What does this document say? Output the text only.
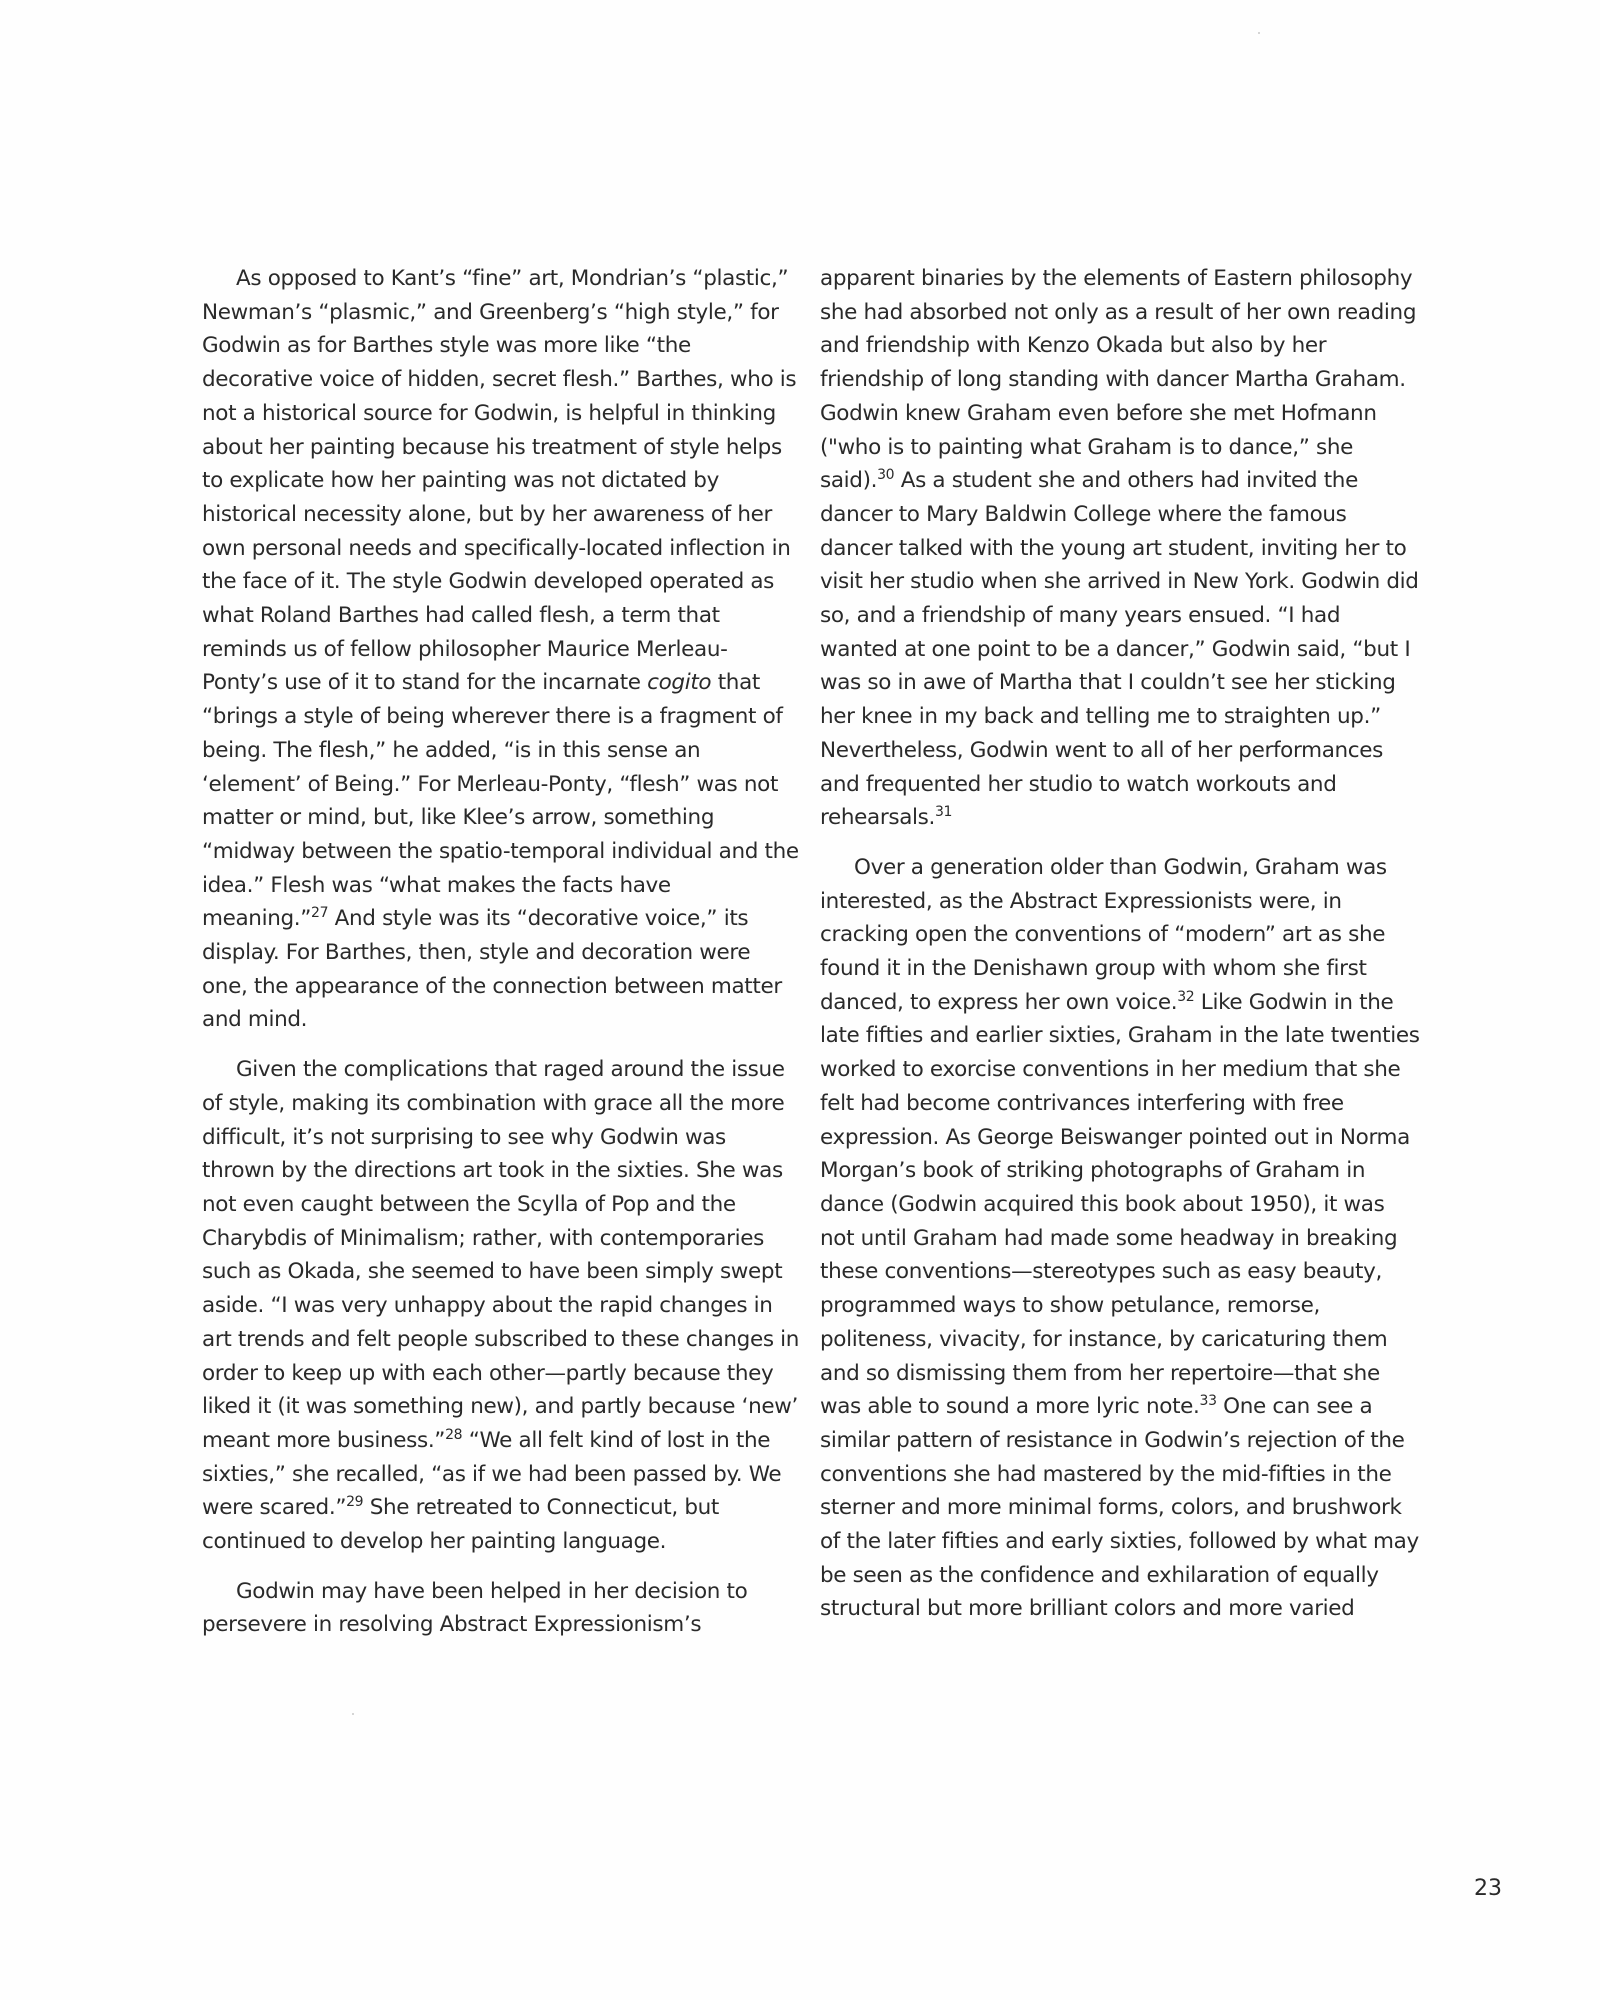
As opposed to Kant’s “fine” art, Mondrian’s “plastic,” Newman’s “plasmic,” and Greenberg’s “high style,” for Godwin as for Barthes style was more like “the decorative voice of hidden, secret flesh.” Barthes, who is not a historical source for Godwin, is helpful in thinking about her painting because his treatment of style helps to explicate how her painting was not dictated by historical necessity alone, but by her awareness of her own personal needs and specifically-located inflection in the face of it. The style Godwin developed operated as what Roland Barthes had called flesh, a term that reminds us of fellow philosopher Maurice Merleau-Ponty’s use of it to stand for the incarnate cogito that “brings a style of being wherever there is a fragment of being. The flesh,” he added, “is in this sense an ‘element’ of Being.” For Merleau-Ponty, “flesh” was not matter or mind, but, like Klee’s arrow, something “midway between the spatio-temporal individual and the idea.” Flesh was “what makes the facts have meaning.”$^{27}$ And style was its “decorative voice,” its display. For Barthes, then, style and decoration were one, the appearance of the connection between matter and mind.

Given the complications that raged around the issue of style, making its combination with grace all the more difficult, it’s not surprising to see why Godwin was thrown by the directions art took in the sixties. She was not even caught between the Scylla of Pop and the Charybdis of Minimalism; rather, with contemporaries such as Okada, she seemed to have been simply swept aside. “I was very unhappy about the rapid changes in art trends and felt people subscribed to these changes in order to keep up with each other—partly because they liked it (it was something new), and partly because ‘new’ meant more business.”$^{28}$ “We all felt kind of lost in the sixties,” she recalled, “as if we had been passed by. We were scared.”$^{29}$ She retreated to Connecticut, but continued to develop her painting language.

Godwin may have been helped in her decision to persevere in resolving Abstract Expressionism’s

apparent binaries by the elements of Eastern philosophy she had absorbed not only as a result of her own reading and friendship with Kenzo Okada but also by her friendship of long standing with dancer Martha Graham. Godwin knew Graham even before she met Hofmann ("who is to painting what Graham is to dance,” she said).$^{30}$ As a student she and others had invited the dancer to Mary Baldwin College where the famous dancer talked with the young art student, inviting her to visit her studio when she arrived in New York. Godwin did so, and a friendship of many years ensued. “I had wanted at one point to be a dancer,” Godwin said, “but I was so in awe of Martha that I couldn’t see her sticking her knee in my back and telling me to straighten up.” Nevertheless, Godwin went to all of her performances and frequented her studio to watch workouts and rehearsals.$^{31}$

Over a generation older than Godwin, Graham was interested, as the Abstract Expressionists were, in cracking open the conventions of “modern” art as she found it in the Denishawn group with whom she first danced, to express her own voice.$^{32}$ Like Godwin in the late fifties and earlier sixties, Graham in the late twenties worked to exorcise conventions in her medium that she felt had become contrivances interfering with free expression. As George Beiswanger pointed out in Norma Morgan’s book of striking photographs of Graham in dance (Godwin acquired this book about 1950), it was not until Graham had made some headway in breaking these conventions—stereotypes such as easy beauty, programmed ways to show petulance, remorse, politeness, vivacity, for instance, by caricaturing them and so dismissing them from her repertoire—that she was able to sound a more lyric note.$^{33}$ One can see a similar pattern of resistance in Godwin’s rejection of the conventions she had mastered by the mid-fifties in the sterner and more minimal forms, colors, and brushwork of the later fifties and early sixties, followed by what may be seen as the confidence and exhilaration of equally structural but more brilliant colors and more varied

23
